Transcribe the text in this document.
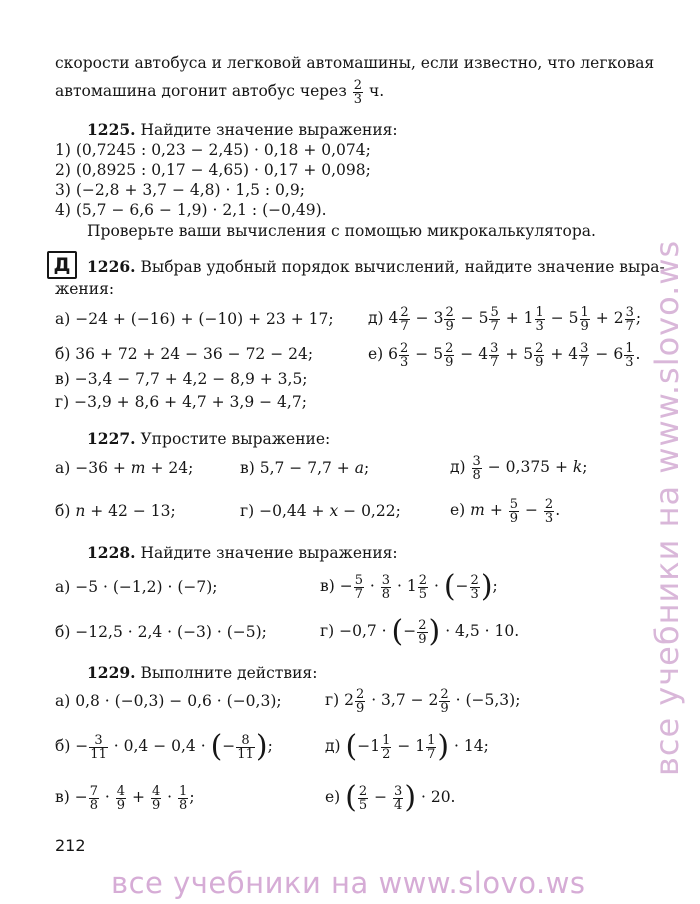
скорости автобуса и легковой автомашины, если известно, что легковая
автомашина догонит автобус через $\frac{2}{3} ч$.
1225. Найдите значение выражения:
1) (0,7245 : 0,23 − 2,45) · 0,18 + 0,074;
2) (0,8925 : 0,17 − 4,65) · 0,17 + 0,098;
3) (−2,8 + 3,7 − 4,8) · 1,5 : 0,9;
4) (5,7 − 6,6 − 1,9) · 2,1 : (−0,49).
Проверьте ваши вычисления с помощью микрокалькулятора.
Д	1226. Выбрав удобный порядок вычислений, найдите значение выра-
жения:
а) −24 + (−16) + (−10) + 23 + 17;
б) 36 + 72 + 24 − 36 − 72 − 24;
в) −3,4 − 7,7 + 4,2 − 8,9 + 3,5;
г) −3,9 + 8,6 + 4,7 + 3,9 − 4,7;
д) $4 \frac{2}{7} - 3 \frac{2}{9} - 5 \frac{5}{7} + 1 \frac{1}{3} - 5 \frac{1}{9} + 2 \frac{3}{7}$ ;
е) $6 \frac{2}{3} - 5 \frac{2}{9} - 4 \frac{3}{7} + 5 \frac{2}{9} + 4 \frac{3}{7} - 6 \frac{1}{3}$ .
1227. Упростите выражение:
а) −36 + m + 24;	в) 5,7 − 7,7 + a;	$д) \frac{3}{8} - 0,375 + k$;
б) n + 42 − 13;	г) −0,44 + x − 0,22;	е) $m + \frac{5}{9} - \frac{2}{3}$ .
1228. Найдите значение выражения:
а) −5 · (−1,2) · (−7);	$в) - \frac{5}{7} \cdot \frac{3}{8} \cdot 1 \frac{2}{5}$ · (− $\frac{2}{3}$ );
б) −12,5 · 2,4 · (−3) · (−5);	г) −0,7 · (− $\frac{2}{9}$ ) · 4,5 · 10.
1229. Выполните действия:
а) 0,8 · (−0,3) − 0,6 · (−0,3);	г) $2 \frac{2}{9} \cdot 3,7 - 2 \frac{2}{9} \cdot (-5,3)$;
$б) - \frac{3}{11} \cdot 0,4 - 0,4$ · (− $\frac{8}{11}$ );	д) ($-1 \frac{1}{2} - 1 \frac{1}{7}$ ) · 14;
$в) - \frac{7}{8} \cdot \frac{4}{9} + \frac{4}{9} \cdot \frac{1}{8}$ ;	е) ( $\frac{2}{5} - \frac{3}{4}$ ) · 20.
212
все учебники на www.slovo.ws
все учебники на www.slovo.ws
